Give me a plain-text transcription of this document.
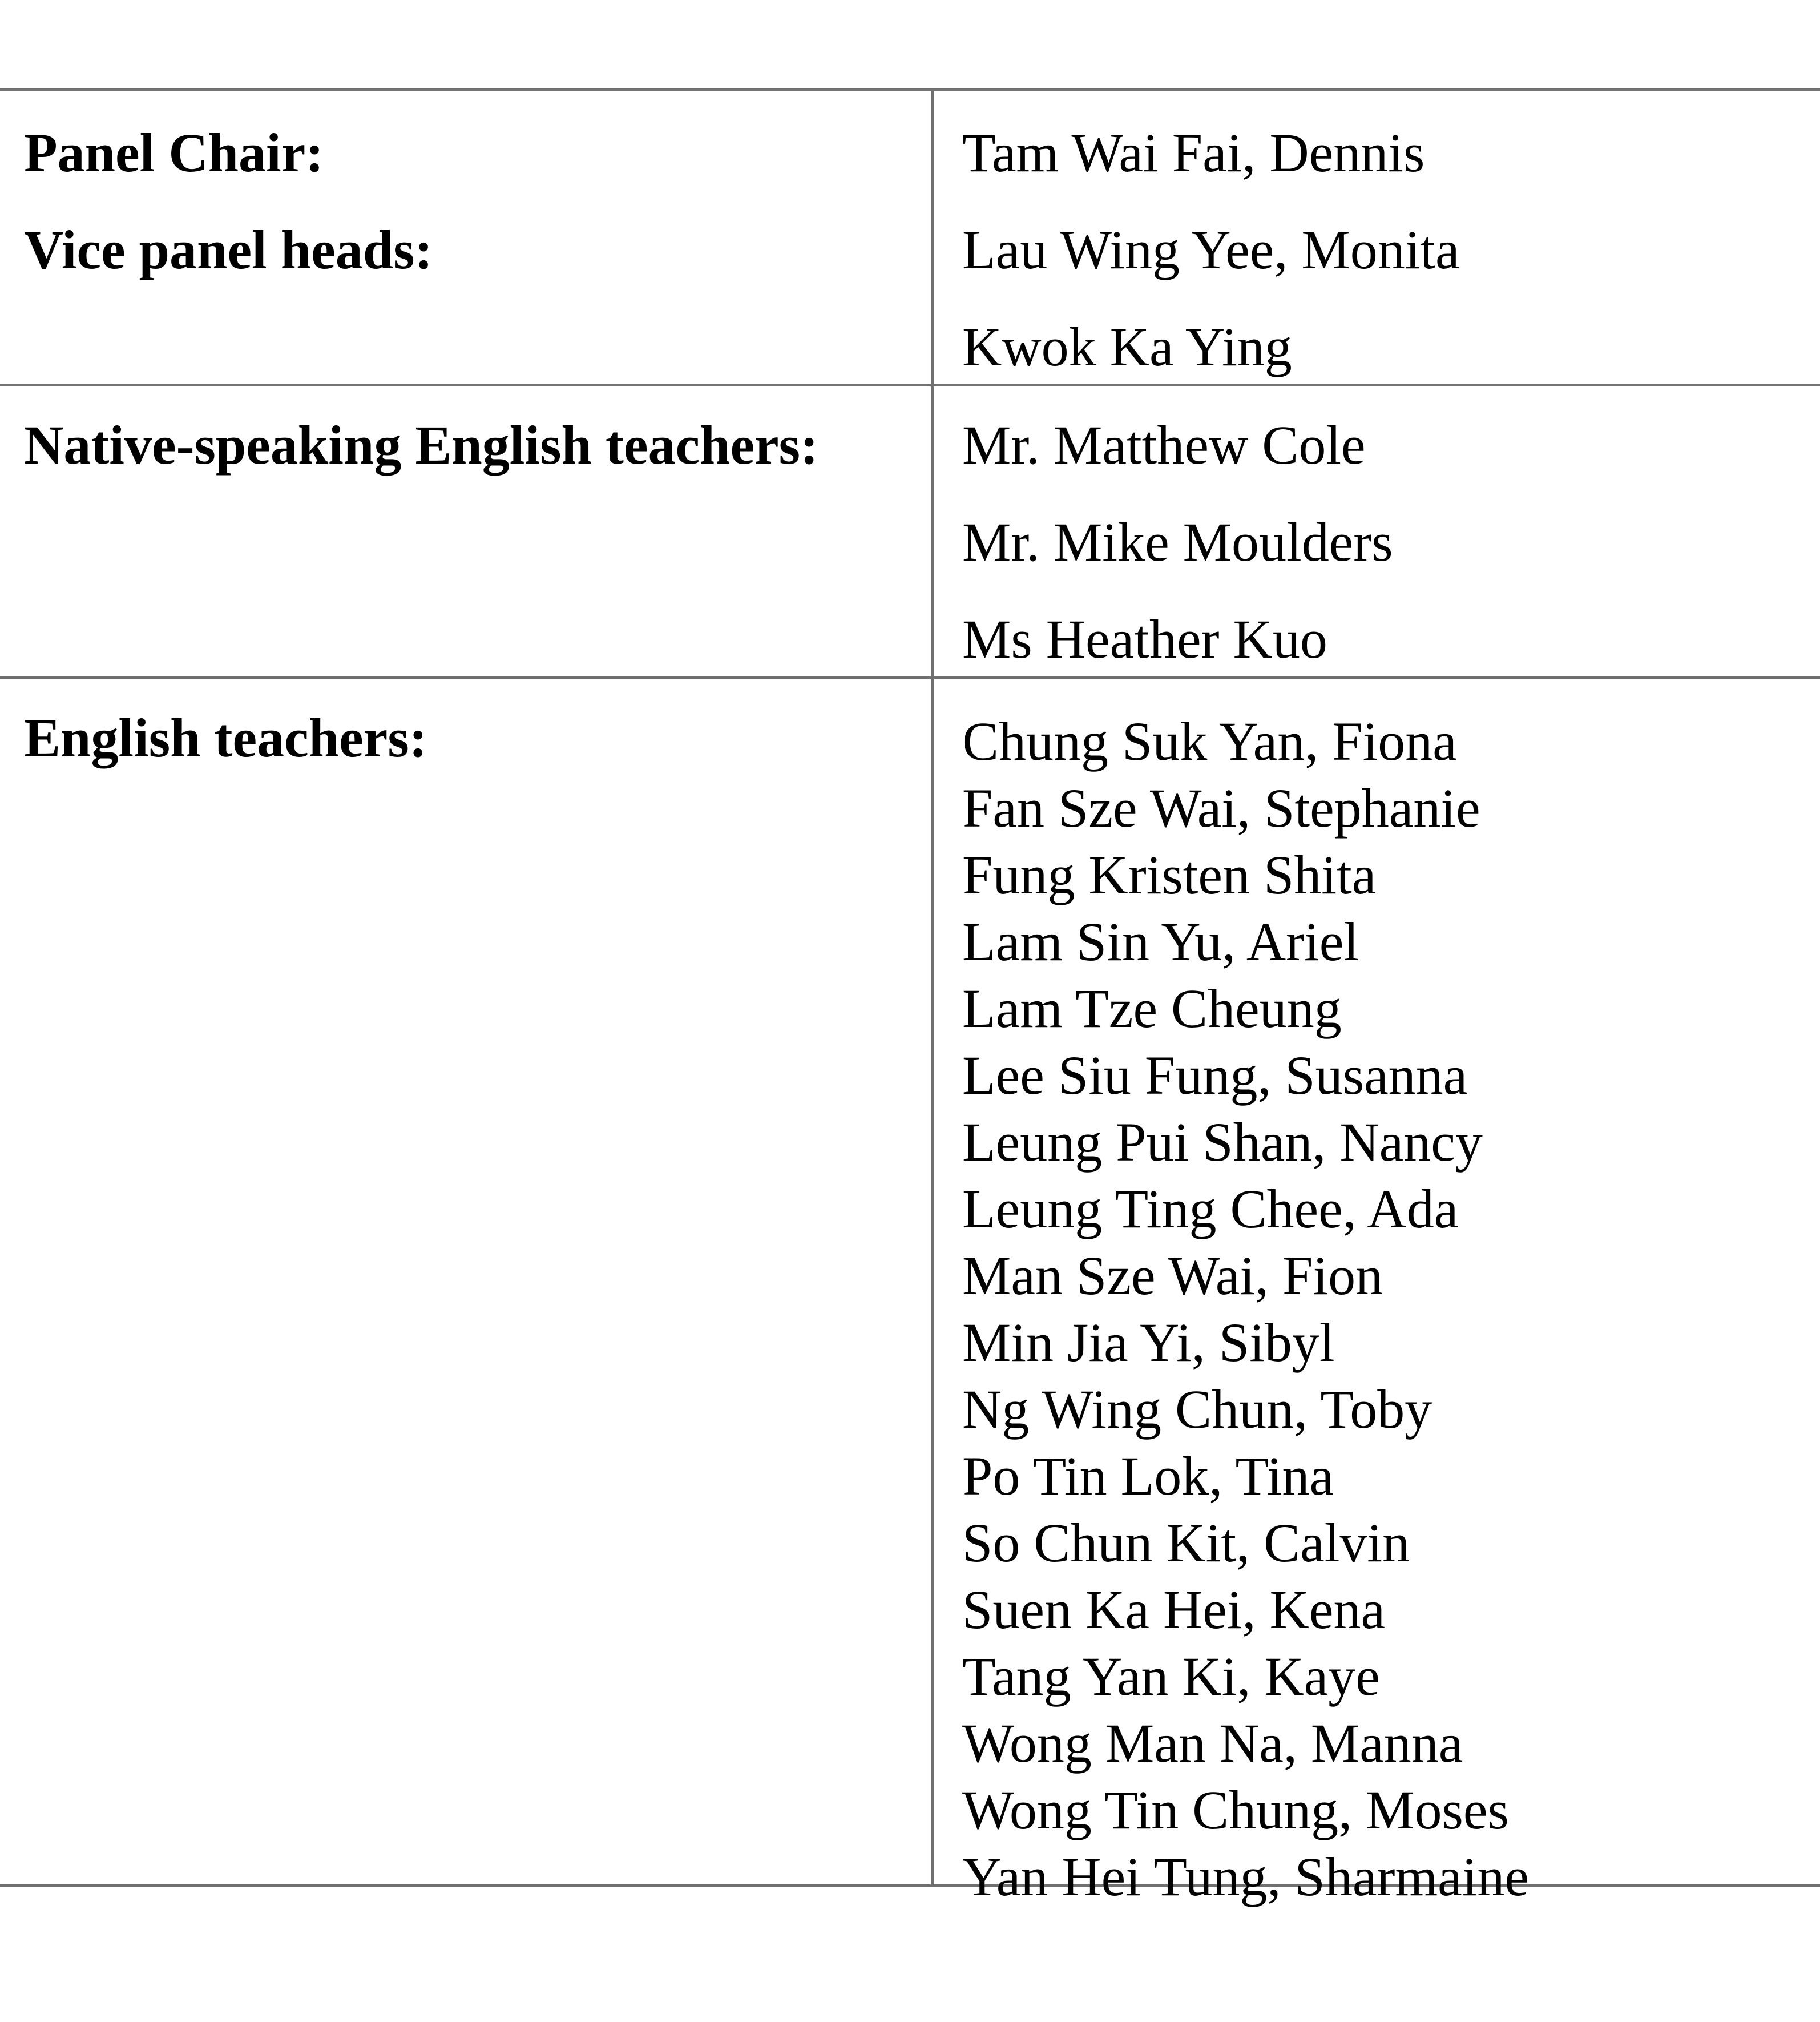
Panel Chair:
Vice panel heads:
Tam Wai Fai, Dennis
Lau Wing Yee, Monita
Kwok Ka Ying
Native-speaking English teachers:	Mr. Matthew Cole
Mr. Mike Moulders
Ms Heather Kuo
English teachers:	Chung Suk Yan, Fiona
Fan Sze Wai, Stephanie
Fung Kristen Shita
Lam Sin Yu, Ariel
Lam Tze Cheung
Lee Siu Fung, Susanna
Leung Pui Shan, Nancy
Leung Ting Chee, Ada
Man Sze Wai, Fion
Min Jia Yi, Sibyl
Ng Wing Chun, Toby
Po Tin Lok, Tina
So Chun Kit, Calvin
Suen Ka Hei, Kena
Tang Yan Ki, Kaye
Wong Man Na, Manna
Wong Tin Chung, Moses
Yan Hei Tung, Sharmaine
